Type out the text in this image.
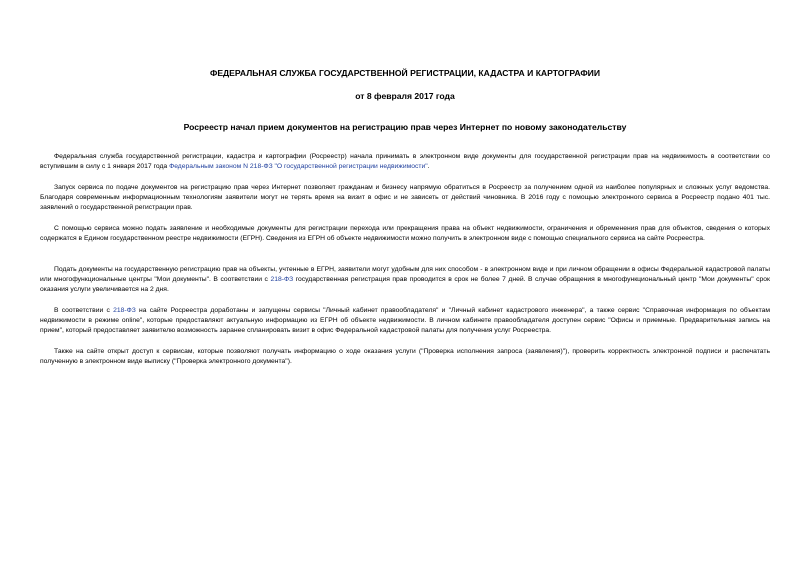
ФЕДЕРАЛЬНАЯ СЛУЖБА ГОСУДАРСТВЕННОЙ РЕГИСТРАЦИИ, КАДАСТРА И КАРТОГРАФИИ
от 8 февраля 2017 года
Росреестр начал прием документов на регистрацию прав через Интернет по новому законодательству

Федеральная служба государственной регистрации, кадастра и картографии (Росреестр) начала принимать в электронном виде документы для государственной регистрации прав на недвижимость в соответствии со вступившим в силу с 1 января 2017 года Федеральным законом N 218-ФЗ "О государственной регистрации недвижимости".

Запуск сервиса по подаче документов на регистрацию прав через Интернет позволяет гражданам и бизнесу напрямую обратиться в Росреестр за получением одной из наиболее популярных и сложных услуг ведомства. Благодаря современным информационным технологиям заявители могут не терять время на визит в офис и не зависеть от действий чиновника. В 2016 году с помощью электронного сервиса в Росреестр подано 401 тыс. заявлений о государственной регистрации прав.

С помощью сервиса можно подать заявление и необходимые документы для регистрации перехода или прекращения права на объект недвижимости, ограничения и обременения прав для объектов, сведения о которых содержатся в Едином государственном реестре недвижимости (ЕГРН). Сведения из ЕГРН об объекте недвижимости можно получить в электронном виде с помощью специального сервиса на сайте Росреестра.

Подать документы на государственную регистрацию прав на объекты, учтенные в ЕГРН, заявители могут удобным для них способом - в электронном виде и при личном обращении в офисы Федеральной кадастровой палаты или многофункциональные центры "Мои документы". В соответствии с 218-ФЗ государственная регистрация прав проводится в срок не более 7 дней. В случае обращения в многофункциональный центр "Мои документы" срок оказания услуги увеличивается на 2 дня.

В соответствии с 218-ФЗ на сайте Росреестра доработаны и запущены сервисы "Личный кабинет правообладателя" и "Личный кабинет кадастрового инженера", а также сервис "Справочная информация по объектам недвижимости в режиме online", которые предоставляют актуальную информацию из ЕГРН об объекте недвижимости. В личном кабинете правообладателя доступен сервис "Офисы и приемные. Предварительная запись на прием", который предоставляет заявителю возможность заранее спланировать визит в офис Федеральной кадастровой палаты для получения услуг Росреестра.

Также на сайте открыт доступ к сервисам, которые позволяют получать информацию о ходе оказания услуги ("Проверка исполнения запроса (заявления)"), проверить корректность электронной подписи и распечатать полученную в электронном виде выписку ("Проверка электронного документа").
